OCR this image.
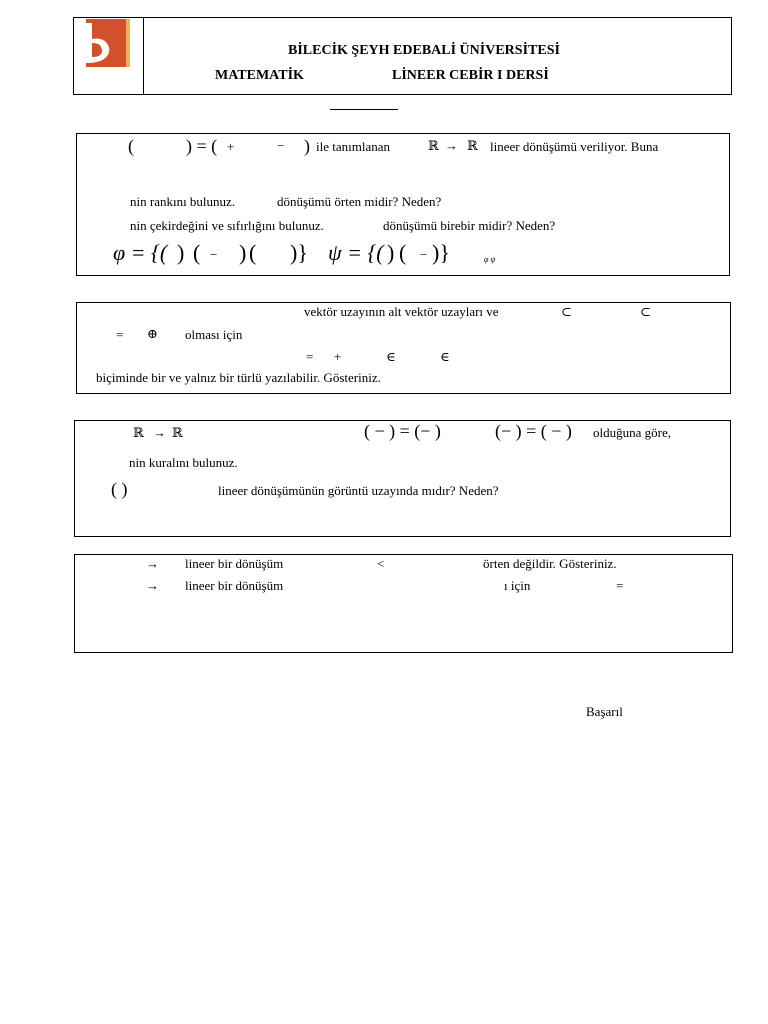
BİLECİK ŞEYH EDEBALİ ÜNİVERSİTESİ
MATEMATİK	LİNEER CEBİR I DERSİ
(	) = ( +	− ) ile tanımlanan	ℝ → ℝ lineer dönüşümü veriliyor. Buna
nin rankını bulunuz.	dönüşümü örten midir? Neden?
nin çekirdeğini ve sıfırlığını bulunuz.	dönüşümü birebir midir? Neden?
φ = {( ) ( − ) ( )} ψ = {( ) ( − )}	φ ψ
vektör uzayının alt vektör uzayları ve	⊂	⊂
= ⊕ olması için
= +	∈	∈
biçiminde bir ve yalnız bir türlü yazılabilir. Gösteriniz.
ℝ → ℝ	( − ) = (− )	(− ) = ( − ) olduğuna göre,
nin kuralını bulunuz.
( )	lineer dönüşümünün görüntü uzayında mıdır? Neden?
→ lineer bir dönüşüm	<	örten değildir. Gösteriniz.
→ lineer bir dönüşüm	ı için	=
Başarıl
